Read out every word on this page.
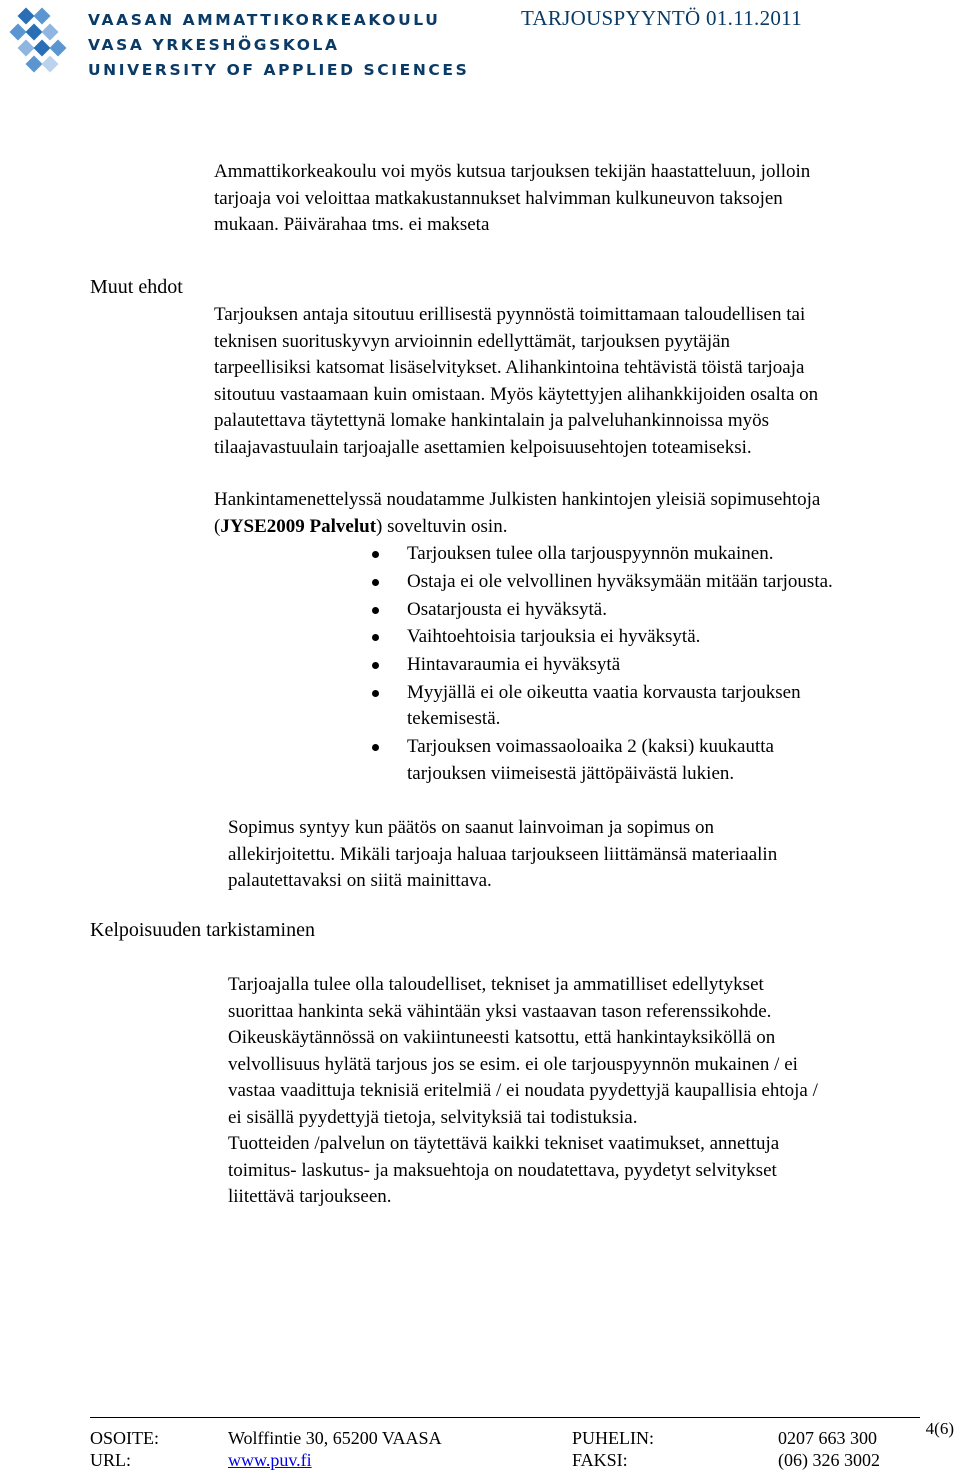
VAASAN AMMATTIKORKEAKOULU
VASA YRKESHÖGSKOLA
UNIVERSITY OF APPLIED SCIENCES
TARJOUSPYYNTÖ 01.11.2011
Ammattikorkeakoulu voi myös kutsua tarjouksen tekijän haastatteluun, jolloin
tarjoaja voi veloittaa matkakustannukset halvimman kulkuneuvon taksojen
mukaan. Päivärahaa tms. ei makseta
Muut ehdot
Tarjouksen antaja sitoutuu erillisestä pyynnöstä toimittamaan taloudellisen tai
teknisen suorituskyvyn arvioinnin edellyttämät, tarjouksen pyytäjän
tarpeellisiksi katsomat lisäselvitykset. Alihankintoina tehtävistä töistä tarjoaja
sitoutuu vastaamaan kuin omistaan. Myös käytettyjen alihankkijoiden osalta on
palautettava täytettynä lomake hankintalain ja palveluhankinnoissa myös
tilaajavastuulain tarjoajalle asettamien kelpoisuusehtojen toteamiseksi.
Hankintamenettelyssä noudatamme Julkisten hankintojen yleisiä sopimusehtoja
(JYSE2009 Palvelut) soveltuvin osin.
Tarjouksen tulee olla tarjouspyynnön mukainen.
Ostaja ei ole velvollinen hyväksymään mitään tarjousta.
Osatarjousta ei hyväksytä.
Vaihtoehtoisia tarjouksia ei hyväksytä.
Hintavaraumia ei hyväksytä
Myyjällä ei ole oikeutta vaatia korvausta tarjouksen
tekemisestä.
Tarjouksen voimassaoloaika 2 (kaksi) kuukautta
tarjouksen viimeisestä jättöpäivästä lukien.
Sopimus syntyy kun päätös on saanut lainvoiman ja sopimus on
allekirjoitettu. Mikäli tarjoaja haluaa tarjoukseen liittämänsä materiaalin
palautettavaksi on siitä mainittava.
Kelpoisuuden tarkistaminen
Tarjoajalla tulee olla taloudelliset, tekniset ja ammatilliset edellytykset
suorittaa hankinta sekä vähintään yksi vastaavan tason referenssikohde.
Oikeuskäytännössä on vakiintuneesti katsottu, että hankintayksiköllä on
velvollisuus hylätä tarjous jos se esim. ei ole tarjouspyynnön mukainen / ei
vastaa vaadittuja teknisiä eritelmiä / ei noudata pyydettyjä kaupallisia ehtoja /
ei sisällä pyydettyjä tietoja, selvityksiä tai todistuksia.
Tuotteiden /palvelun on täytettävä kaikki tekniset vaatimukset, annettuja
toimitus- laskutus- ja maksuehtoja on noudatettava, pyydetyt selvitykset
liitettävä tarjoukseen.
OSOITE:	Wolffintie 30, 65200 VAASA	PUHELIN:	0207 663 300
URL:	www.puv.fi	FAKSI:	(06) 326 3002
4(6)
